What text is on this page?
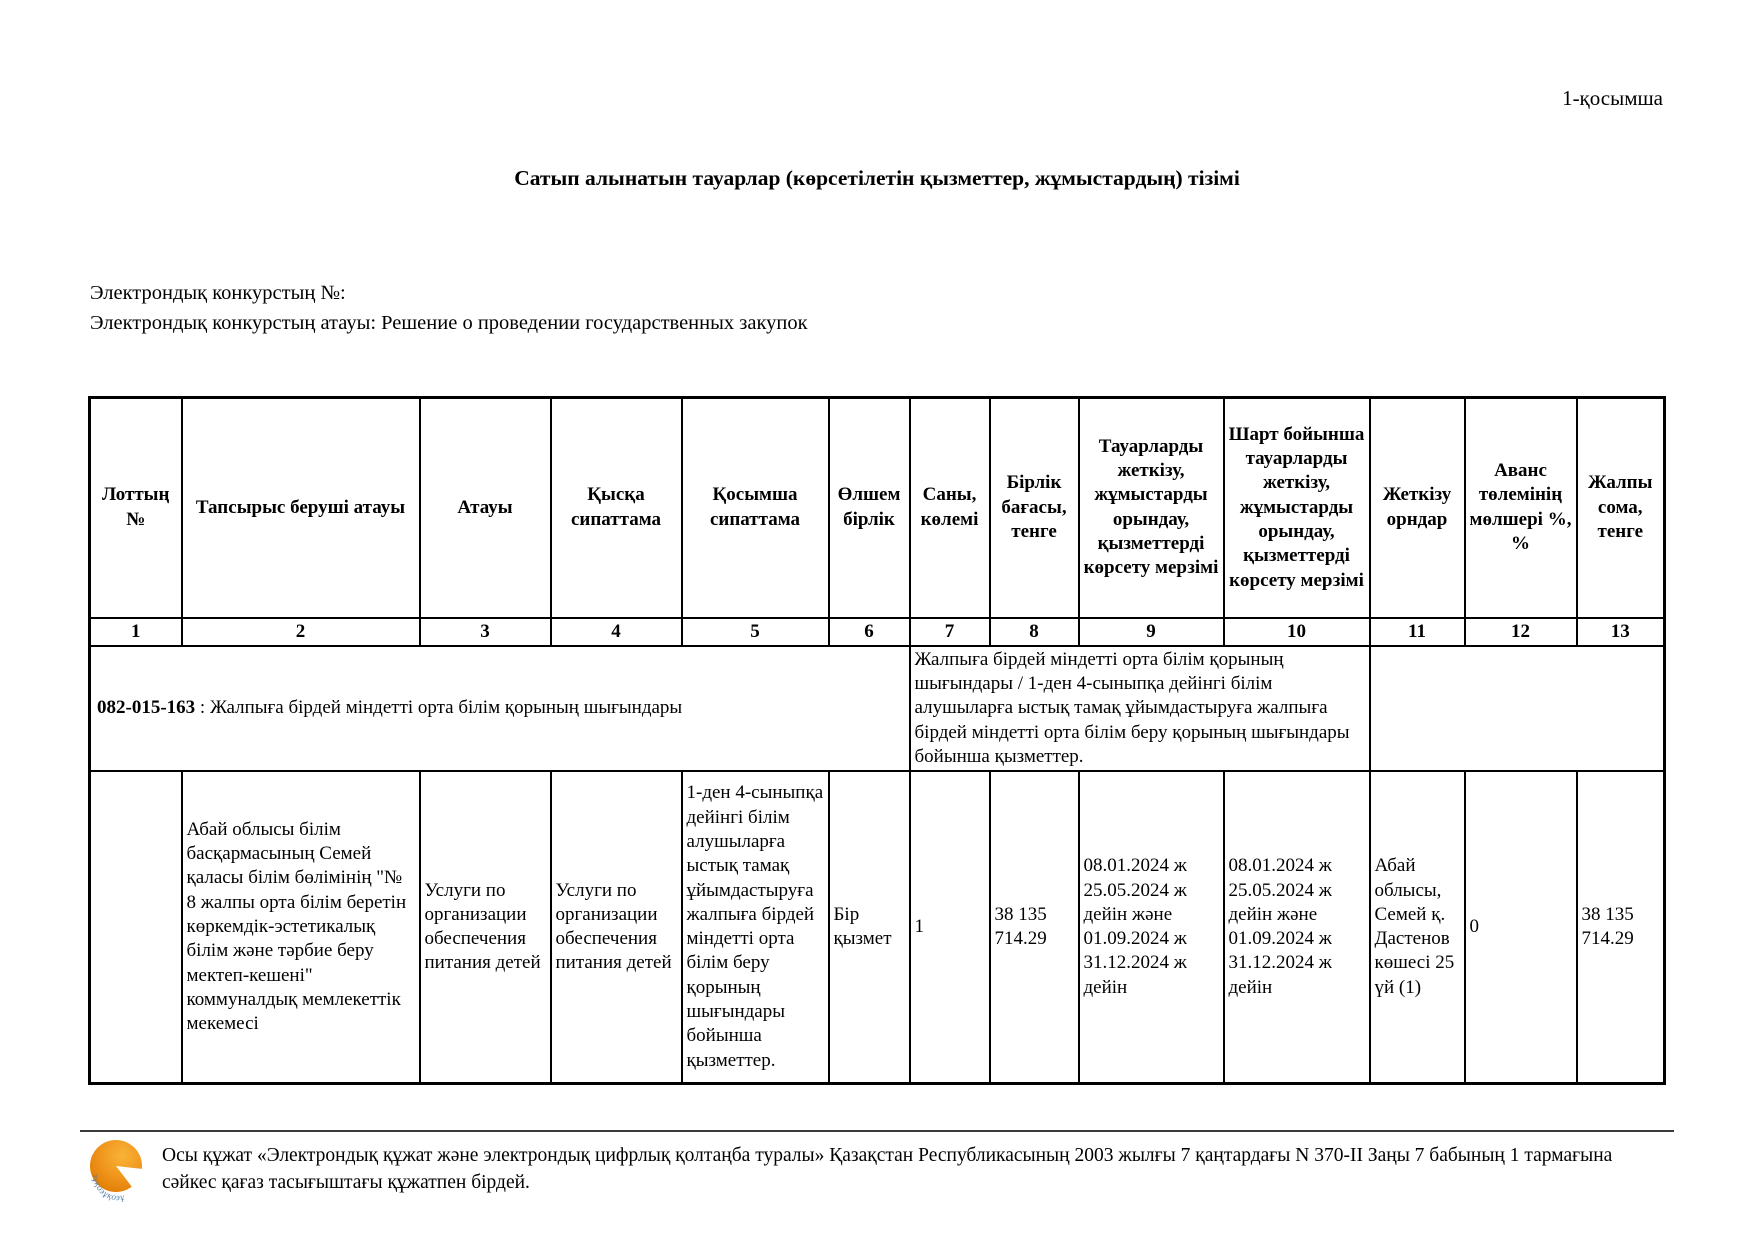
1-қосымша
Сатып алынатын тауарлар (көрсетілетін қызметтер, жұмыстардың) тізімі
Электрондық конкурстың №:
Электрондық конкурстың атауы: Решение о проведении государственных закупок
Лоттың №	Тапсырыс беруші атауы	Атауы	Қысқа сипаттама	Қосымша сипаттама	Өлшем бірлік	Саны, көлемі	Бірлік бағасы, тенге	Тауарларды жеткізу, жұмыстарды орындау, қызметтерді көрсету мерзімі	Шарт бойынша тауарларды жеткізу, жұмыстарды орындау, қызметтерді көрсету мерзімі	Жеткізу орндар	Аванс төлемінің мөлшері %, %	Жалпы сома, тенге
1	2	3	4	5	6	7	8	9	10	11	12	13
082-015-163 : Жалпыға бірдей міндетті орта білім қорының шығындары						Жалпыға бірдей міндетті орта білім қорының шығындары / 1-ден 4-сыныпқа дейінгі білім алушыларға ыстық тамақ ұйымдастыруға жалпыға бірдей міндетті орта білім беру қорының шығындары бойынша қызметтер.						
	Абай облысы білім басқармасының Семей қаласы білім бөлімінің "№ 8 жалпы орта білім беретін көркемдік-эстетикалық білім және тәрбие беру мектеп-кешені" коммуналдық мемлекеттік мекемесі	Услуги по организации обеспечения питания детей	Услуги по организации обеспечения питания детей	1-ден 4-сыныпқа дейінгі білім алушыларға ыстық тамақ ұйымдастыруға жалпыға бірдей міндетті орта білім беру қорының шығындары бойынша қызметтер.	Бір қызмет	1	38 135 714.29	08.01.2024 ж 25.05.2024 ж дейін және 01.09.2024 ж 31.12.2024 ж дейін	08.01.2024 ж 25.05.2024 ж дейін және 01.09.2024 ж 31.12.2024 ж дейін	Абай облысы, Семей қ. Дастенов көшесі 25 үй (1)	0	38 135 714.29
эұқоэұқоэұ
Осы құжат «Электрондық құжат және электрондық цифрлық қолтаңба туралы» Қазақстан Республикасының 2003 жылғы 7 қаңтардағы N 370-II Заңы 7 бабының 1 тармағына сәйкес қағаз тасығыштағы құжатпен бірдей.
